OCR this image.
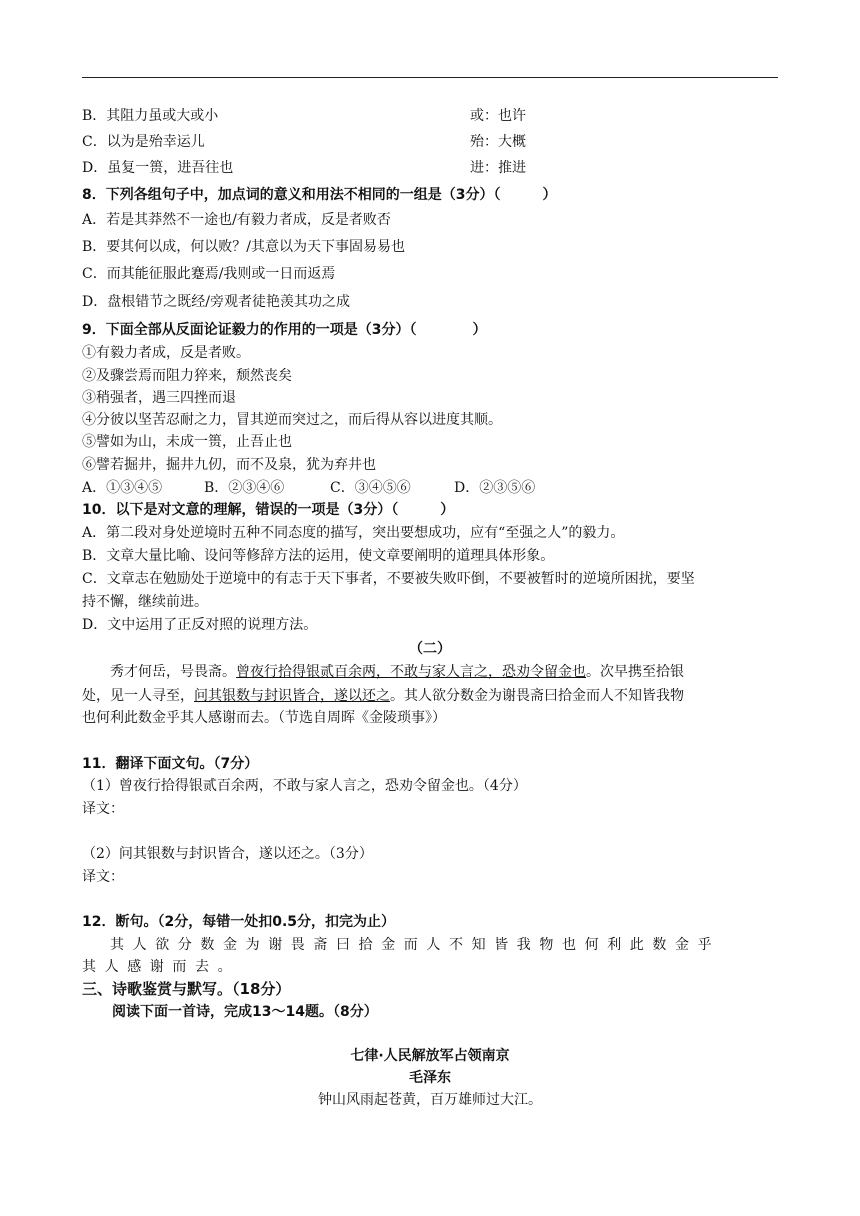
B．其阻力虽或大或小	或：也许
C．以为是殆幸运儿	殆：大概
D．虽复一篑，进吾往也	进：推进
8．下列各组句子中，加点词的意义和用法不相同的一组是（3分）（　　　）
A．若是其莽然不一途也/有毅力者成，反是者败否
B．要其何以成，何以败？/其意以为天下事固易易也
C．而其能征服此蹇焉/我则或一日而返焉
D．盘根错节之既经/旁观者徒艳羡其功之成
9．下面全部从反面论证毅力的作用的一项是（3分）（　　　　）
①有毅力者成，反是者败。
②及骤尝焉而阻力猝来，颓然丧矣
③稍强者，遇三四挫而退
④分彼以坚苦忍耐之力，冒其逆而突过之，而后得从容以进度其顺。
⑤譬如为山，未成一篑，止吾止也
⑥譬若掘井，掘井九仞，而不及泉，犹为弃井也
A．①③④⑤	B．②③④⑥	C．③④⑤⑥	D．②③⑤⑥
10．以下是对文意的理解，错误的一项是（3分）（　　　）
A．第二段对身处逆境时五种不同态度的描写，突出要想成功，应有“至强之人”的毅力。
B．文章大量比喻、设问等修辞方法的运用，使文章要阐明的道理具体形象。
C．文章志在勉励处于逆境中的有志于天下事者，不要被失败吓倒，不要被暂时的逆境所困扰，要坚
持不懈，继续前进。
D．文中运用了正反对照的说理方法。
（二）
秀才何岳，号畏斋。曾夜行拾得银贰百余两，不敢与家人言之，恐劝令留金也。次早携至拾银
处，见一人寻至，问其银数与封识皆合，遂以还之。其人欲分数金为谢畏斋曰拾金而人不知皆我物
也何利此数金乎其人感谢而去。（节选自周晖《金陵琐事》）
11．翻译下面文句。（7分）
（1）曾夜行拾得银贰百余两，不敢与家人言之，恐劝令留金也。（4分）
译文：
（2）问其银数与封识皆合，遂以还之。（3分）
译文：
12．断句。（2分，每错一处扣0.5分，扣完为止）
其人欲分数金为谢畏斋曰拾金而人不知皆我物也何利此数金乎
其人感谢而去。
三、诗歌鉴赏与默写。（18分）
阅读下面一首诗，完成13～14题。（8分）
七律·人民解放军占领南京
毛泽东
钟山风雨起苍黄，百万雄师过大江。
